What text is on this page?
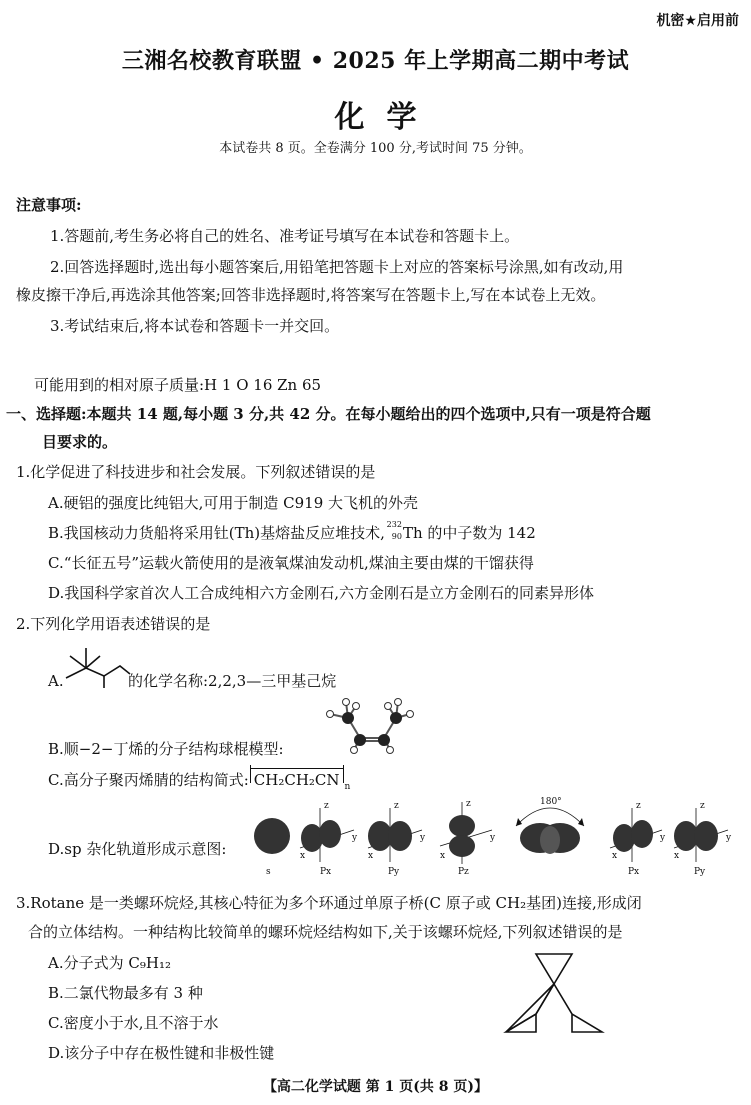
机密★启用前
三湘名校教育联盟 • 2025 年上学期高二期中考试
化学
本试卷共 8 页。全卷满分 100 分,考试时间 75 分钟。
注意事项:
1.答题前,考生务必将自己的姓名、准考证号填写在本试卷和答题卡上。
2.回答选择题时,选出每小题答案后,用铅笔把答题卡上对应的答案标号涂黑,如有改动,用
橡皮擦干净后,再选涂其他答案;回答非选择题时,将答案写在答题卡上,写在本试卷上无效。
3.考试结束后,将本试卷和答题卡一并交回。
可能用到的相对原子质量:H 1 O 16 Zn 65
一、选择题:本题共 14 题,每小题 3 分,共 42 分。在每小题给出的四个选项中,只有一项是符合题
目要求的。
1.化学促进了科技进步和社会发展。下列叙述错误的是
A.硬铝的强度比纯铝大,可用于制造 C919 大飞机的外壳
B.我国核动力货船将采用钍(Th)基熔盐反应堆技术, 232
90 Th 的中子数为 142
C.“长征五号”运载火箭使用的是液氧煤油发动机,煤油主要由煤的干馏获得
D.我国科学家首次人工合成纯相六方金刚石,六方金刚石是立方金刚石的同素异形体
2.下列化学用语表述错误的是
A.	的化学名称:2,2,3—三甲基己烷
B.顺−2−丁烯的分子结构球棍模型:
C.高分子聚丙烯腈的结构简式: CH₂CH₂CN $_n$
D.sp 杂化轨道形成示意图:
s
z
x
y
Px
z
x
y
Py
z
x
y
Pz
180°	z
x
y
Px
z
x
y
Py
3.Rotane 是一类螺环烷烃,其核心特征为多个环通过单原子桥(C 原子或 CH₂基团)连接,形成闭
合的立体结构。一种结构比较简单的螺环烷烃结构如下,关于该螺环烷烃,下列叙述错误的是
A.分子式为 C₉H₁₂
B.二氯代物最多有 3 种
C.密度小于水,且不溶于水
D.该分子中存在极性键和非极性键
【高二化学试题 第 1 页(共 8 页)】
